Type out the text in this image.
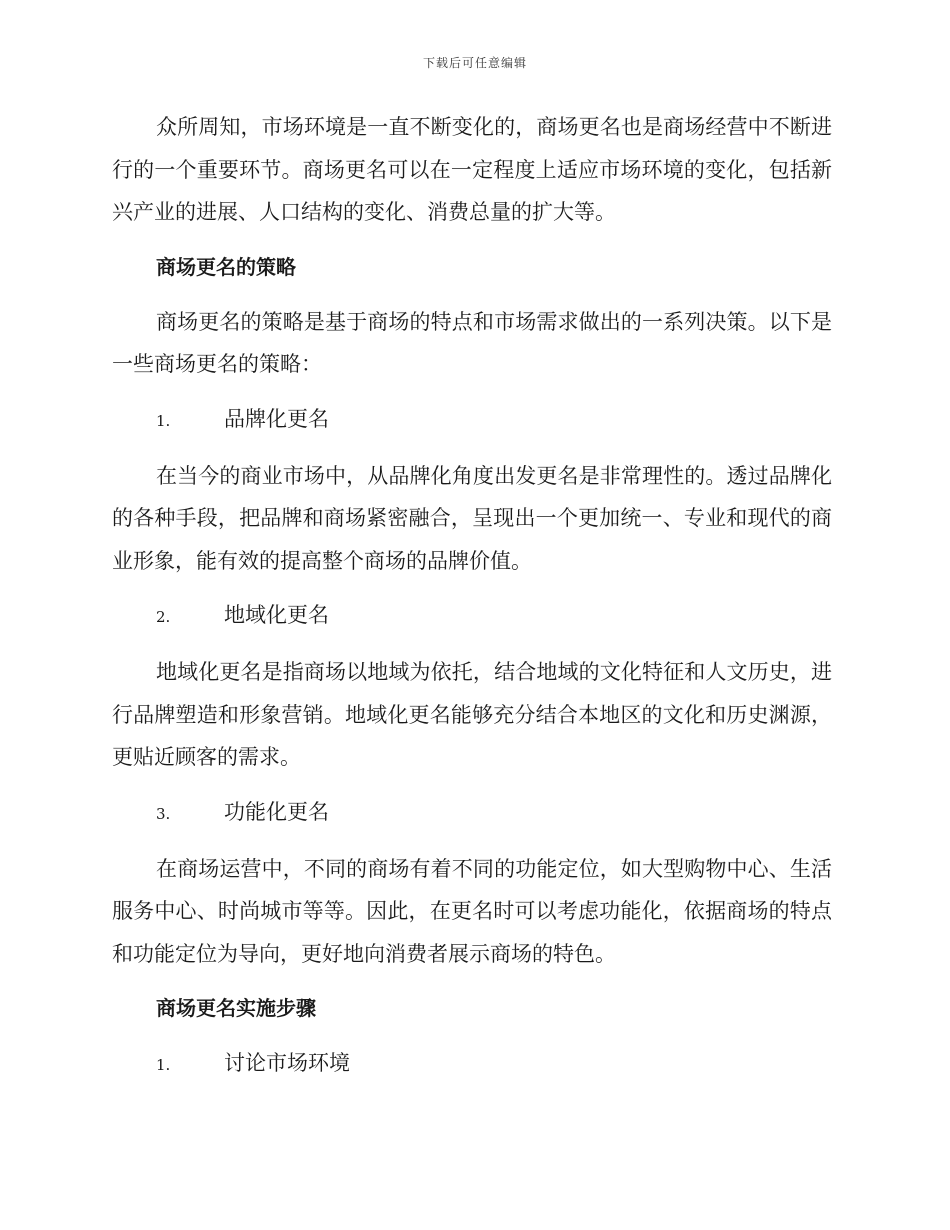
下载后可任意编辑

众所周知，市场环境是一直不断变化的，商场更名也是商场经营中不断进行的一个重要环节。商场更名可以在一定程度上适应市场环境的变化，包括新兴产业的进展、人口结构的变化、消费总量的扩大等。

商场更名的策略

商场更名的策略是基于商场的特点和市场需求做出的一系列决策。以下是一些商场更名的策略：

1.	品牌化更名

在当今的商业市场中，从品牌化角度出发更名是非常理性的。透过品牌化的各种手段，把品牌和商场紧密融合，呈现出一个更加统一、专业和现代的商业形象，能有效的提高整个商场的品牌价值。

2.	地域化更名

地域化更名是指商场以地域为依托，结合地域的文化特征和人文历史，进行品牌塑造和形象营销。地域化更名能够充分结合本地区的文化和历史渊源，更贴近顾客的需求。

3.	功能化更名

在商场运营中，不同的商场有着不同的功能定位，如大型购物中心、生活服务中心、时尚城市等等。因此，在更名时可以考虑功能化，依据商场的特点和功能定位为导向，更好地向消费者展示商场的特色。

商场更名实施步骤
1.	讨论市场环境
